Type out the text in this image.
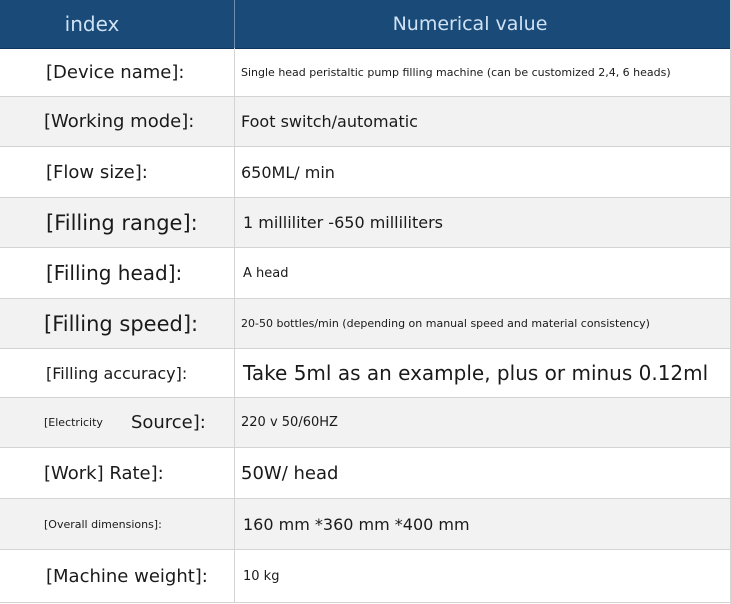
index	Numerical value
[Device name]:	Single head peristaltic pump filling machine (can be customized 2,4, 6 heads)
[Working mode]:	Foot switch/automatic
[Flow size]:	650ML/ min
[Filling range]:	1 milliliter -650 milliliters
[Filling head]:	A head
[Filling speed]:	20-50 bottles/min (depending on manual speed and material consistency)
[Filling accuracy]:	Take 5ml as an example, plus or minus 0.12ml
[Electricity Source]:	220 v 50/60HZ
[Work] Rate]:	50W/ head
[Overall dimensions]:	160 mm *360 mm *400 mm
[Machine weight]:	10 kg
